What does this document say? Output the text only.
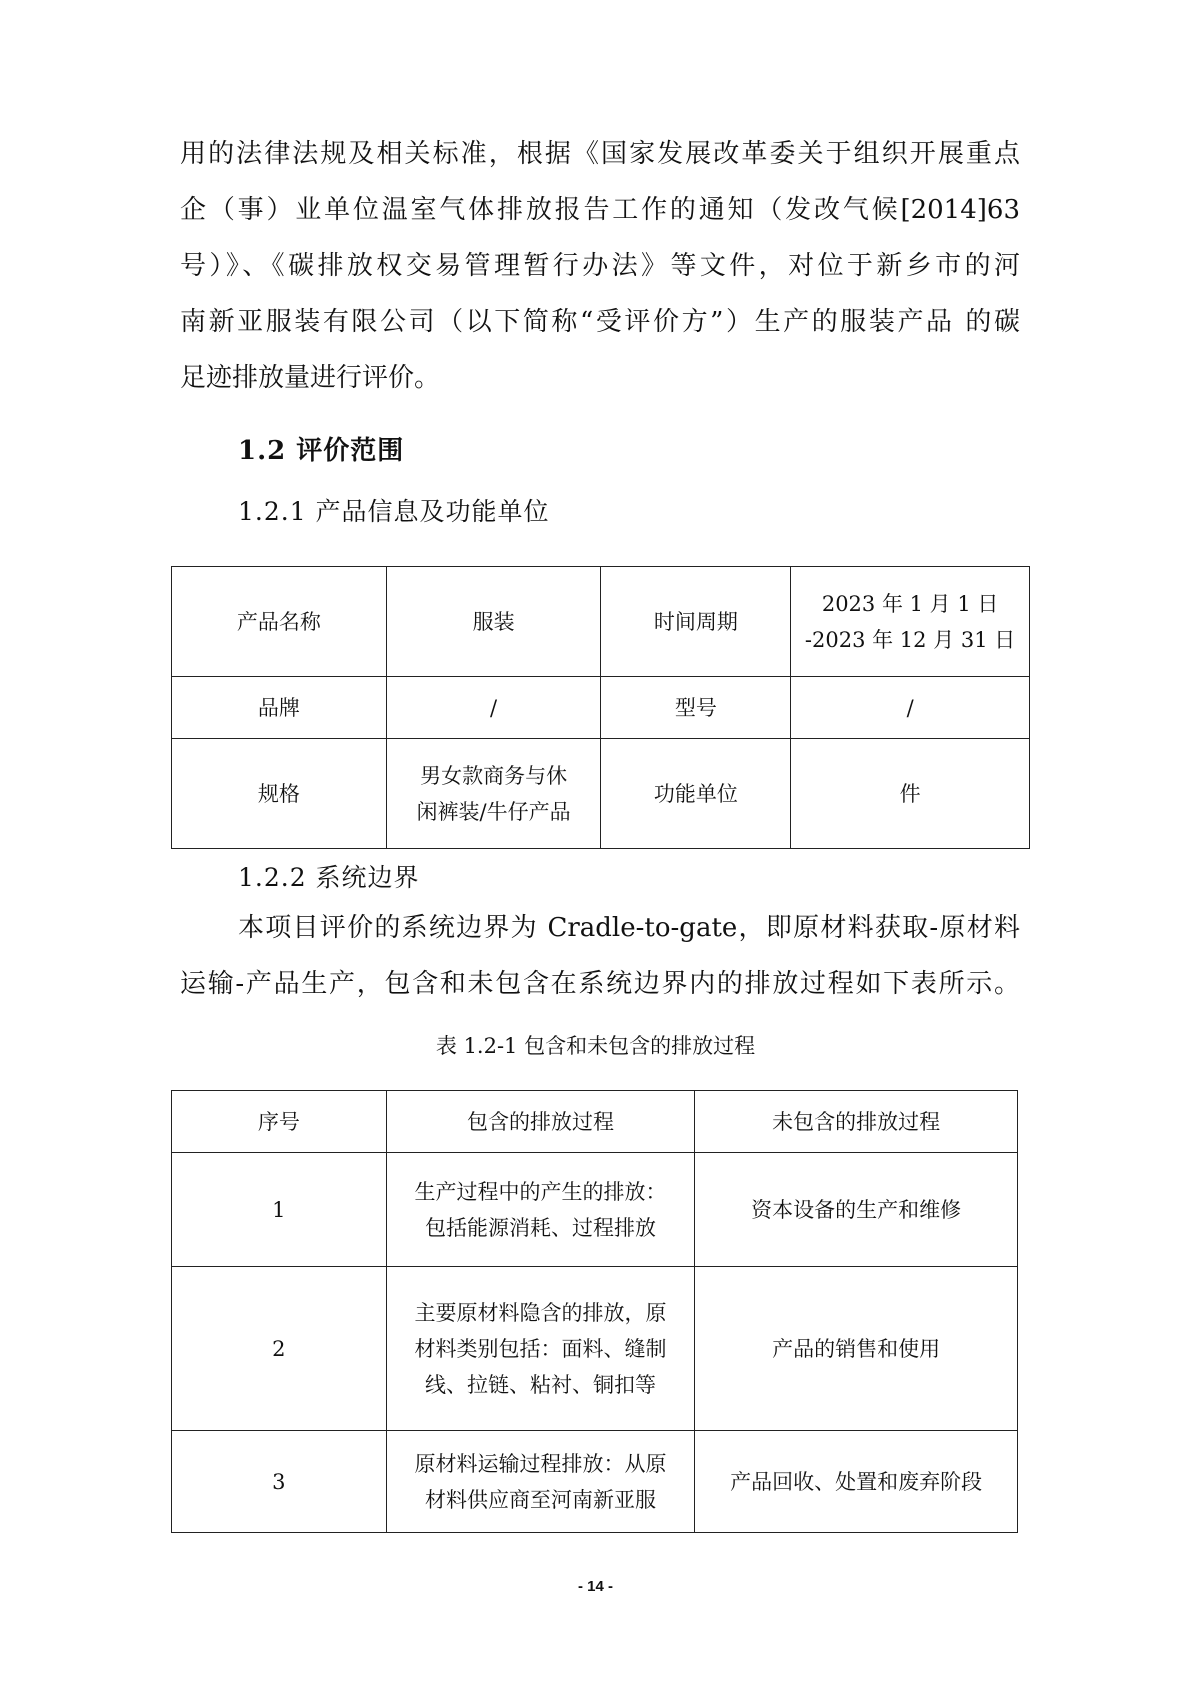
用的法律法规及相关标准，根据《国家发展改革委关于组织开展重点
企（事）业单位温室气体排放报告工作的通知（发改气候[2014]63
号）》、《碳排放权交易管理暂行办法》等文件，对位于新乡市的河
南新亚服装有限公司（以下简称“受评价方”）生产的服装产品 的碳
足迹排放量进行评价。

1.2 评价范围

1.2.1 产品信息及功能单位

产品名称	服装	时间周期	2023 年 1 月 1 日
-2023 年 12 月 31 日

品牌	/	型号	/
规格	男女款商务与休
闲裤装/牛仔产品	功能单位	件

1.2.2 系统边界

本项目评价的系统边界为 Cradle-to-gate，即原材料获取-原材料
运输-产品生产，包含和未包含在系统边界内的排放过程如下表所示。

表 1.2-1 包含和未包含的排放过程

序号	包含的排放过程	未包含的排放过程
1	生产过程中的产生的排放：
包括能源消耗、过程排放	资本设备的生产和维修
2	主要原材料隐含的排放，原
材料类别包括：面料、缝制
线、拉链、粘衬、铜扣等	产品的销售和使用
3	原材料运输过程排放：从原
材料供应商至河南新亚服	产品回收、处置和废弃阶段

- 14 -
